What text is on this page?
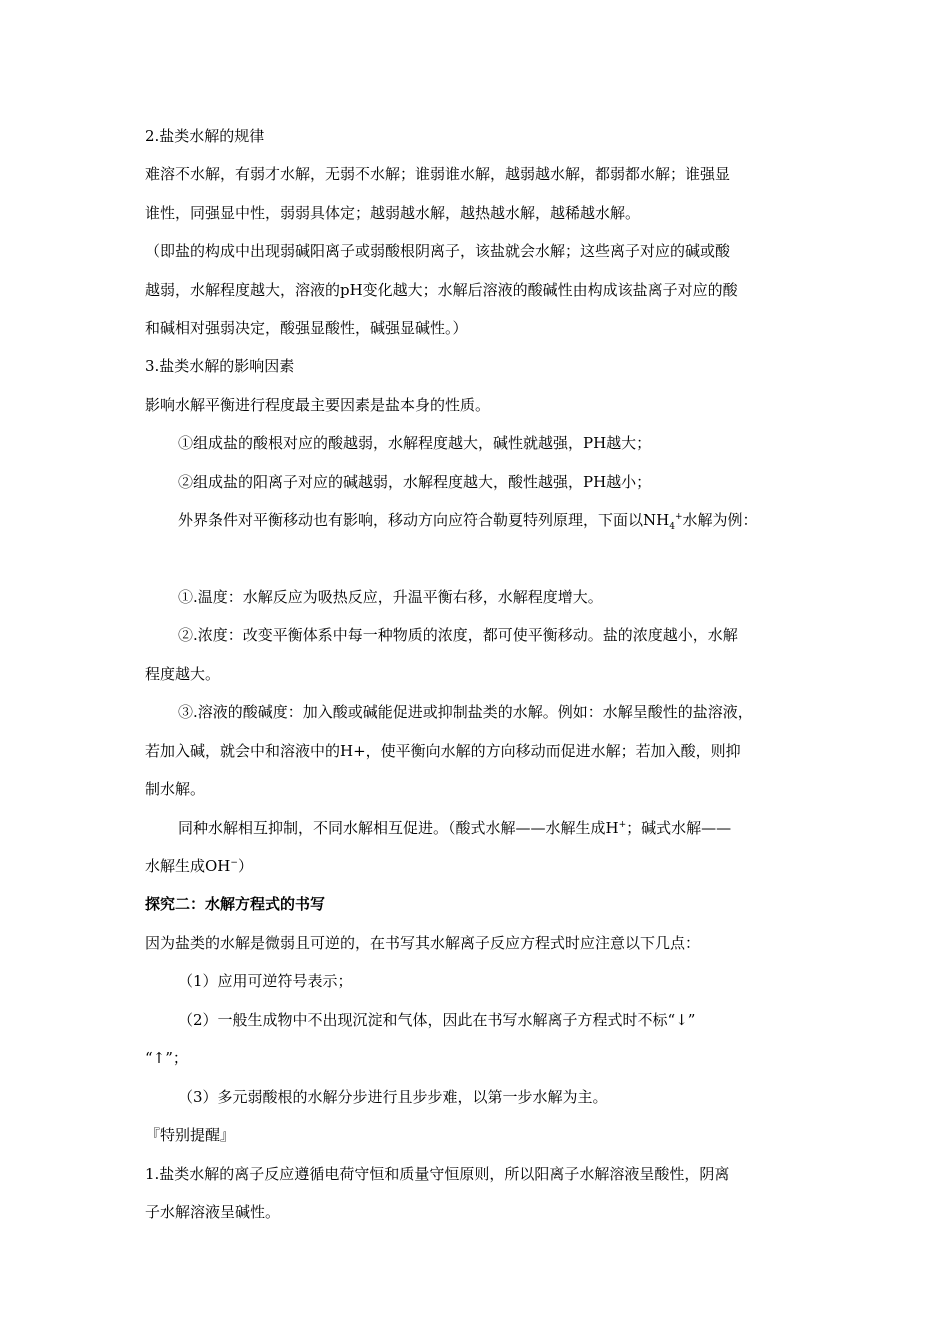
2.盐类水解的规律
难溶不水解，有弱才水解，无弱不水解；谁弱谁水解，越弱越水解，都弱都水解；谁强显
谁性，同强显中性，弱弱具体定；越弱越水解，越热越水解，越稀越水解。
（即盐的构成中出现弱碱阳离子或弱酸根阴离子，该盐就会水解；这些离子对应的碱或酸
越弱，水解程度越大，溶液的pH变化越大；水解后溶液的酸碱性由构成该盐离子对应的酸
和碱相对强弱决定，酸强显酸性，碱强显碱性。）
3.盐类水解的影响因素
影响水解平衡进行程度最主要因素是盐本身的性质。
①组成盐的酸根对应的酸越弱，水解程度越大，碱性就越强，PH越大；
②组成盐的阳离子对应的碱越弱，水解程度越大，酸性越强，PH越小；
外界条件对平衡移动也有影响，移动方向应符合勒夏特列原理，下面以$NH_4^+$水解为例：
①.温度：水解反应为吸热反应，升温平衡右移，水解程度增大。
②.浓度：改变平衡体系中每一种物质的浓度，都可使平衡移动。盐的浓度越小，水解
程度越大。
③.溶液的酸碱度：加入酸或碱能促进或抑制盐类的水解。例如：水解呈酸性的盐溶液，
若加入碱，就会中和溶液中的H+，使平衡向水解的方向移动而促进水解；若加入酸，则抑
制水解。
同种水解相互抑制，不同水解相互促进。（酸式水解——水解生成H+；碱式水解——
水解生成OH−）
探究二：水解方程式的书写
因为盐类的水解是微弱且可逆的，在书写其水解离子反应方程式时应注意以下几点：
（1）应用可逆符号表示；
（2）一般生成物中不出现沉淀和气体，因此在书写水解离子方程式时不标“↓”
“↑”；
（3）多元弱酸根的水解分步进行且步步难，以第一步水解为主。
『特别提醒』
1.盐类水解的离子反应遵循电荷守恒和质量守恒原则，所以阳离子水解溶液呈酸性，阴离
子水解溶液呈碱性。
